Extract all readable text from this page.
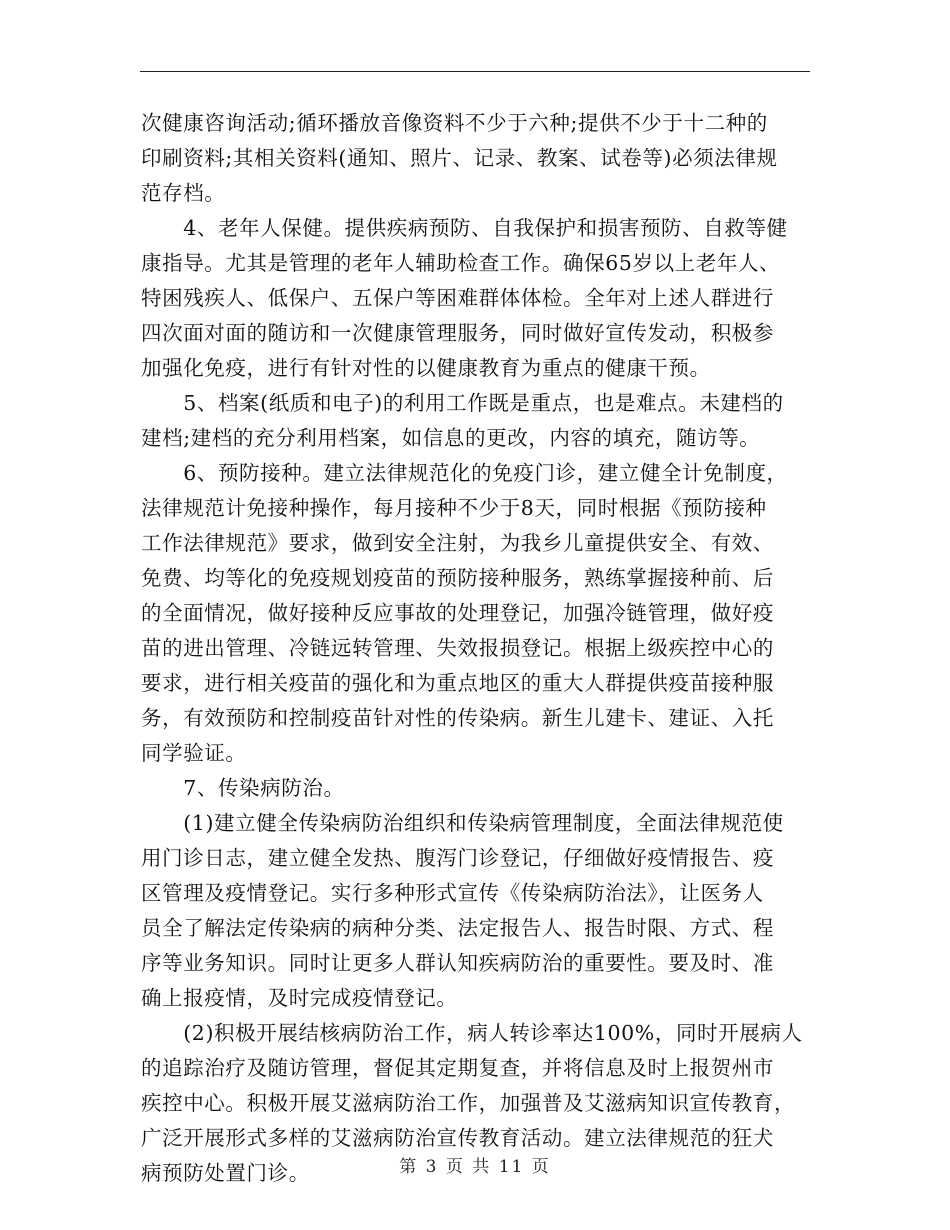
次健康咨询活动;循环播放音像资料不少于六种;提供不少于十二种的

印刷资料;其相关资料(通知、照片、记录、教案、试卷等)必须法律规

范存档。

　　4、老年人保健。提供疾病预防、自我保护和损害预防、自救等健

康指导。尤其是管理的老年人辅助检查工作。确保65岁以上老年人、

特困残疾人、低保户、五保户等困难群体体检。全年对上述人群进行

四次面对面的随访和一次健康管理服务，同时做好宣传发动，积极参

加强化免疫，进行有针对性的以健康教育为重点的健康干预。

　　5、档案(纸质和电子)的利用工作既是重点，也是难点。未建档的

建档;建档的充分利用档案，如信息的更改，内容的填充，随访等。

　　6、预防接种。建立法律规范化的免疫门诊，建立健全计免制度，

法律规范计免接种操作，每月接种不少于8天，同时根据《预防接种

工作法律规范》要求，做到安全注射，为我乡儿童提供安全、有效、

免费、均等化的免疫规划疫苗的预防接种服务，熟练掌握接种前、后

的全面情况，做好接种反应事故的处理登记，加强冷链管理，做好疫

苗的进出管理、冷链远转管理、失效报损登记。根据上级疾控中心的

要求，进行相关疫苗的强化和为重点地区的重大人群提供疫苗接种服

务，有效预防和控制疫苗针对性的传染病。新生儿建卡、建证、入托

同学验证。

　　7、传染病防治。

　　(1)建立健全传染病防治组织和传染病管理制度，全面法律规范使

用门诊日志，建立健全发热、腹泻门诊登记，仔细做好疫情报告、疫

区管理及疫情登记。实行多种形式宣传《传染病防治法》，让医务人

员全了解法定传染病的病种分类、法定报告人、报告时限、方式、程

序等业务知识。同时让更多人群认知疾病防治的重要性。要及时、准

确上报疫情，及时完成疫情登记。

　　(2)积极开展结核病防治工作，病人转诊率达100%，同时开展病人

的追踪治疗及随访管理，督促其定期复查，并将信息及时上报贺州市

疾控中心。积极开展艾滋病防治工作，加强普及艾滋病知识宣传教育，

广泛开展形式多样的艾滋病防治宣传教育活动。建立法律规范的狂犬

病预防处置门诊。	第 3 页 共 11 页
